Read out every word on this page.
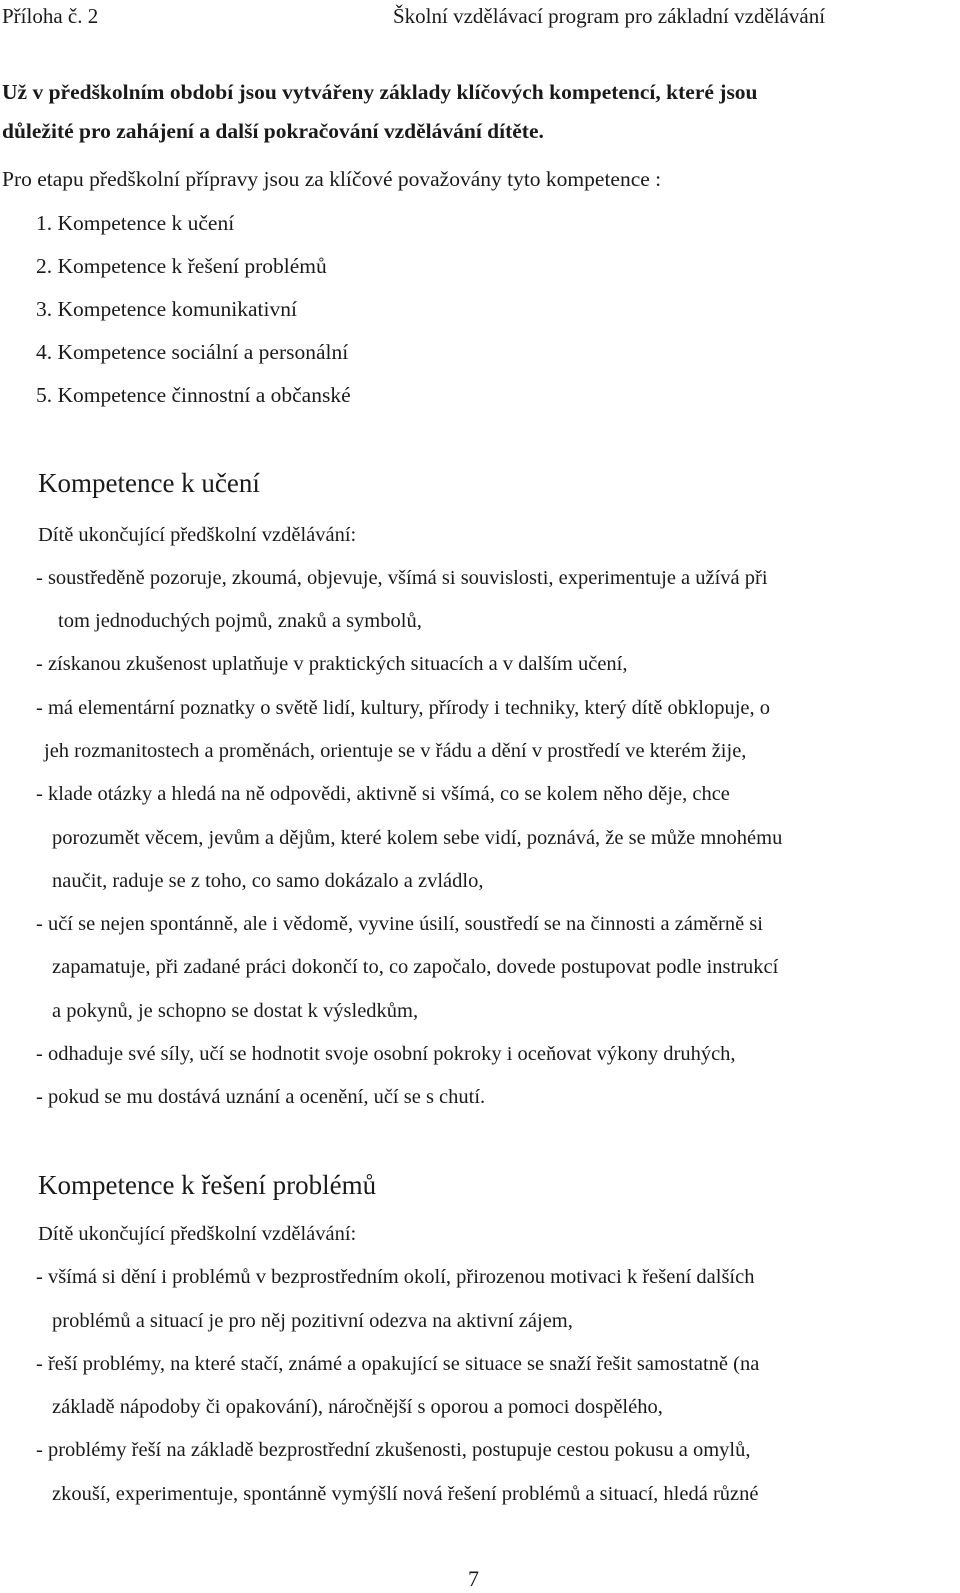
Příloha č. 2	Školní vzdělávací program pro základní vzdělávání
Už v předškolním období jsou vytvářeny základy klíčových kompetencí, které jsou
důležité pro zahájení a další pokračování vzdělávání dítěte.
Pro etapu předškolní přípravy jsou za klíčové považovány tyto kompetence :
1. Kompetence k učení
2. Kompetence k řešení problémů
3. Kompetence komunikativní
4. Kompetence sociální a personální
5. Kompetence činnostní a občanské
Kompetence k učení
Dítě ukončující předškolní vzdělávání:
- soustředěně pozoruje, zkoumá, objevuje, všímá si souvislosti, experimentuje a užívá při
tom jednoduchých pojmů, znaků a symbolů,
- získanou zkušenost uplatňuje v praktických situacích a v dalším učení,
- má elementární poznatky o světě lidí, kultury, přírody i techniky, který dítě obklopuje, o
jeh rozmanitostech a proměnách, orientuje se v řádu a dění v prostředí ve kterém žije,
- klade otázky a hledá na ně odpovědi, aktivně si všímá, co se kolem něho děje, chce
porozumět věcem, jevům a dějům, které kolem sebe vidí, poznává, že se může mnohému
naučit, raduje se z toho, co samo dokázalo a zvládlo,
- učí se nejen spontánně, ale i vědomě, vyvine úsilí, soustředí se na činnosti a záměrně si
zapamatuje, při zadané práci dokončí to, co započalo, dovede postupovat podle instrukcí
a pokynů, je schopno se dostat k výsledkům,
- odhaduje své síly, učí se hodnotit svoje osobní pokroky i oceňovat výkony druhých,
- pokud se mu dostává uznání a ocenění, učí se s chutí.
Kompetence k řešení problémů
Dítě ukončující předškolní vzdělávání:
- všímá si dění i problémů v bezprostředním okolí, přirozenou motivaci k řešení dalších
problémů a situací je pro něj pozitivní odezva na aktivní zájem,
- řeší problémy, na které stačí, známé a opakující se situace se snaží řešit samostatně (na
základě nápodoby či opakování), náročnější s oporou a pomoci dospělého,
- problémy řeší na základě bezprostřední zkušenosti, postupuje cestou pokusu a omylů,
zkouší, experimentuje, spontánně vymýšlí nová řešení problémů a situací, hledá různé
7
